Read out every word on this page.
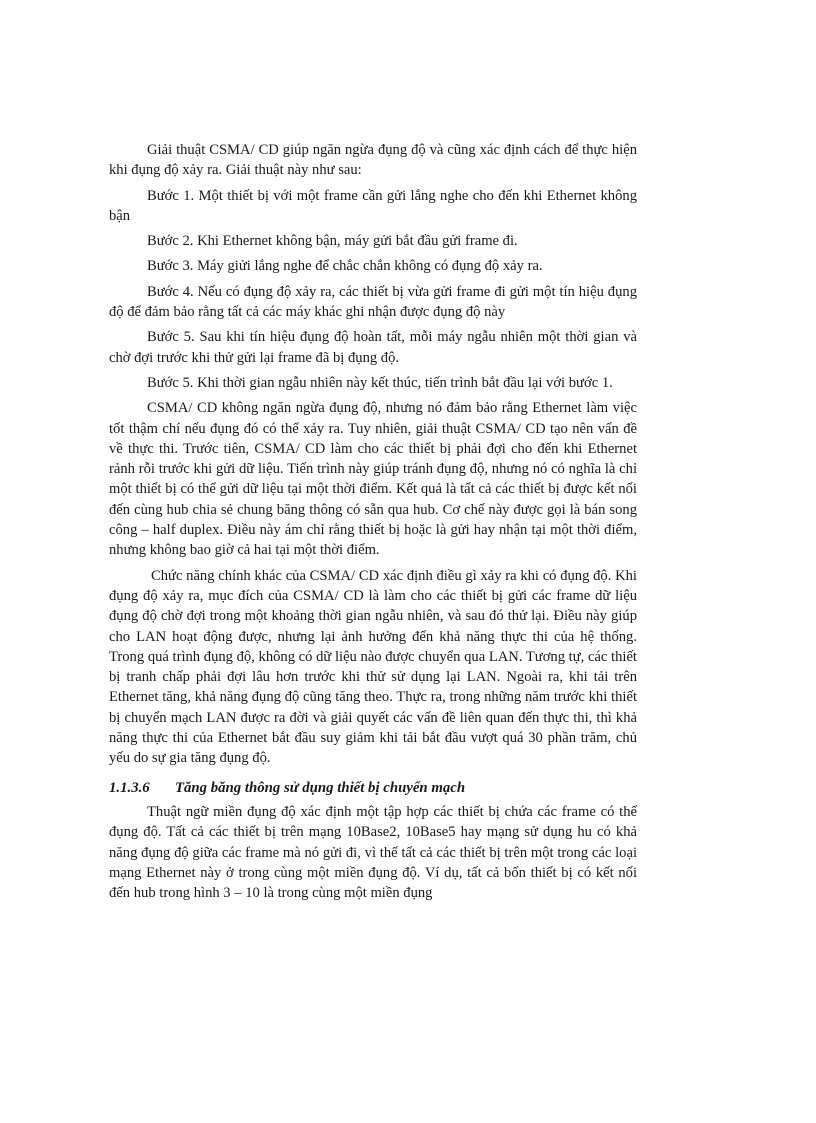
Giải thuật CSMA/ CD giúp ngăn ngừa đụng độ và cũng xác định cách để thực hiện khi đụng độ xảy ra. Giải thuật này như sau:

Bước 1. Một thiết bị với một frame cần gửi lắng nghe cho đến khi Ethernet không bận

Bước 2. Khi Ethernet không bận, máy gửi bắt đầu gửi frame đi.

Bước 3. Máy giửi lắng nghe để chắc chắn không có đụng độ xảy ra.

Bước 4. Nếu có đụng độ xảy ra, các thiết bị vừa gửi frame đi gửi một tín hiệu đụng độ để đảm bảo rằng tất cả các máy khác ghi nhận được đụng độ này

Bước 5. Sau khi tín hiệu đụng độ hoàn tất, mỗi máy ngẫu nhiên một thời gian và chờ đợi trước khi thử gửi lại frame đã bị đụng độ.

Bước 5. Khi thời gian ngẫu nhiên này kết thúc, tiến trình bắt đầu lại với bước 1.

CSMA/ CD không ngăn ngừa đụng độ, nhưng nó đảm bảo rằng Ethernet làm việc tốt thậm chí nếu đụng đó có thể xảy ra. Tuy nhiên, giải thuật CSMA/ CD tạo nên vấn đề về thực thi. Trước tiên, CSMA/ CD làm cho các thiết bị phải đợi cho đến khi Ethernet rảnh rỗi trước khi gửi dữ liệu. Tiến trình này giúp tránh đụng độ, nhưng nó có nghĩa là chỉ một thiết bị có thể gửi dữ liệu tại một thời điểm. Kết quả là tất cả các thiết bị được kết nối đến cùng hub chia sẻ chung băng thông có sẵn qua hub. Cơ chế này được gọi là bán song công – half duplex. Điều này ám chỉ rằng thiết bị hoặc là gửi hay nhận tại một thời điểm, nhưng không bao giờ cả hai tại một thời điểm.

Chức năng chính khác của CSMA/ CD xác định điều gì xảy ra khi có đụng độ. Khi đụng độ xảy ra, mục đích của CSMA/ CD là làm cho các thiết bị gửi các frame dữ liệu đụng độ chờ đợi trong một khoảng thời gian ngẫu nhiên, và sau đó thử lại. Điều này giúp cho LAN hoạt động được, nhưng lại ảnh hưởng đến khả năng thực thi của hệ thống. Trong quá trình đụng độ, không có dữ liệu nào được chuyển qua LAN. Tương tự, các thiết bị tranh chấp phải đợi lâu hơn trước khi thử sử dụng lại LAN. Ngoài ra, khi tải trên Ethernet tăng, khả năng đụng độ cũng tăng theo. Thực ra, trong những năm trước khi thiết bị chuyển mạch LAN được ra đời và giải quyết các vấn đề liên quan đến thực thi, thì khả năng thực thi của Ethernet bắt đầu suy giảm khi tải bắt đầu vượt quá 30 phần trăm, chủ yếu do sự gia tăng đụng độ.

1.1.3.6 Tăng băng thông sử dụng thiết bị chuyển mạch

Thuật ngữ miền đụng độ xác định một tập hợp các thiết bị chứa các frame có thể đụng độ. Tất cả các thiết bị trên mạng 10Base2, 10Base5 hay mạng sử dụng hu có khả năng đụng độ giữa các frame mà nó gửi đi, vì thế tất cả các thiết bị trên một trong các loại mạng Ethernet này ở trong cùng một miền đụng độ. Ví dụ, tất cả bốn thiết bị có kết nối đến hub trong hình 3 – 10 là trong cùng một miền đụng
